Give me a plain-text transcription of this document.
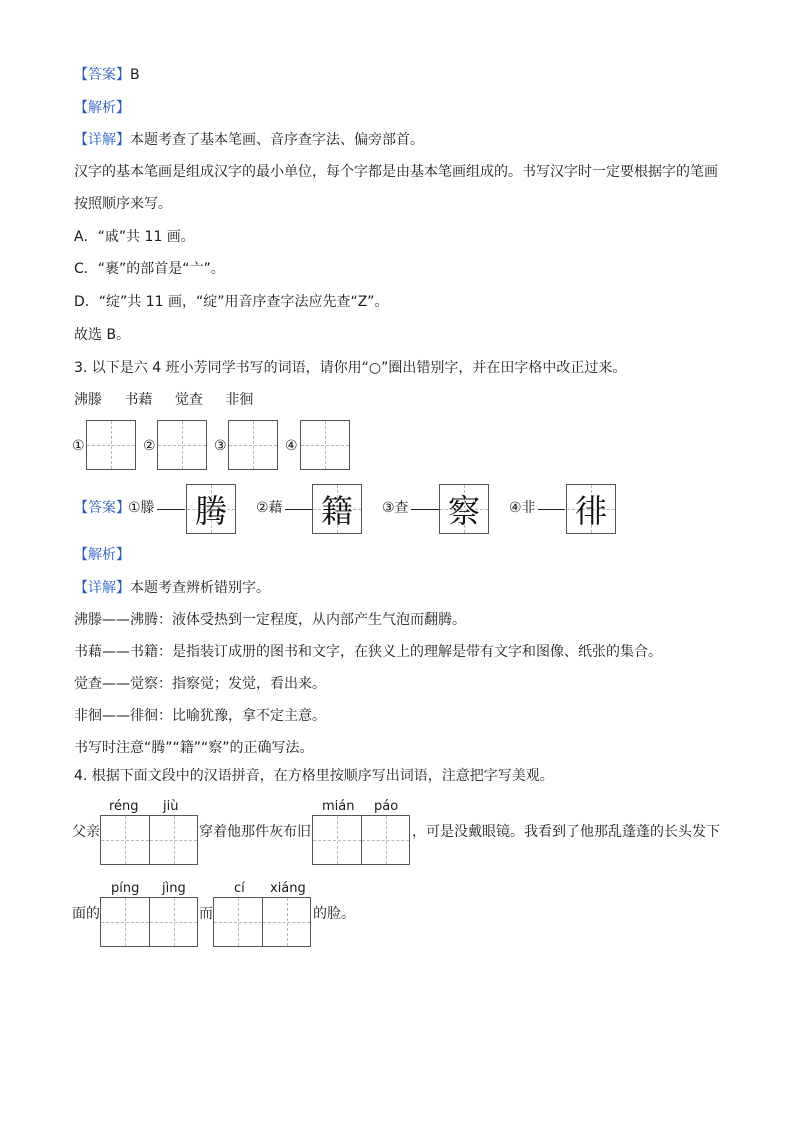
【答案】B
【解析】
【详解】本题考查了基本笔画、音序查字法、偏旁部首。
汉字的基本笔画是组成汉字的最小单位，每个字都是由基本笔画组成的。书写汉字时一定要根据字的笔画
按照顺序来写。
A．“戚”共 11 画。
C．“裹”的部首是“亠”。
D．“绽”共 11 画，“绽”用音序查字法应先查“Z”。
故选 B。
3. 以下是六 4 班小芳同学书写的词语，请你用“○”圈出错别字，并在田字格中改正过来。
沸滕 书藉 觉查 非徊
①	②	③	④
【答案】
①滕 腾	②藉 籍	③查 察	④非 徘
【解析】
【详解】本题考查辨析错别字。
沸滕——沸腾：液体受热到一定程度，从内部产生气泡而翻腾。
书藉——书籍：是指装订成册的图书和文字，在狭义上的理解是带有文字和图像、纸张的集合。
觉查——觉察：指察觉；发觉，看出来。
非徊——徘徊：比喻犹豫，拿不定主意。
书写时注意“腾”“籍”“察”的正确写法。
4. 根据下面文段中的汉语拼音，在方格里按顺序写出词语，注意把字写美观。
réng jiù	mián páo
父亲	穿着他那件灰布旧	，可是没戴眼镜。我看到了他那乱蓬蓬的长头发下
píng jìng	cí xiáng
面的	而	的脸。
